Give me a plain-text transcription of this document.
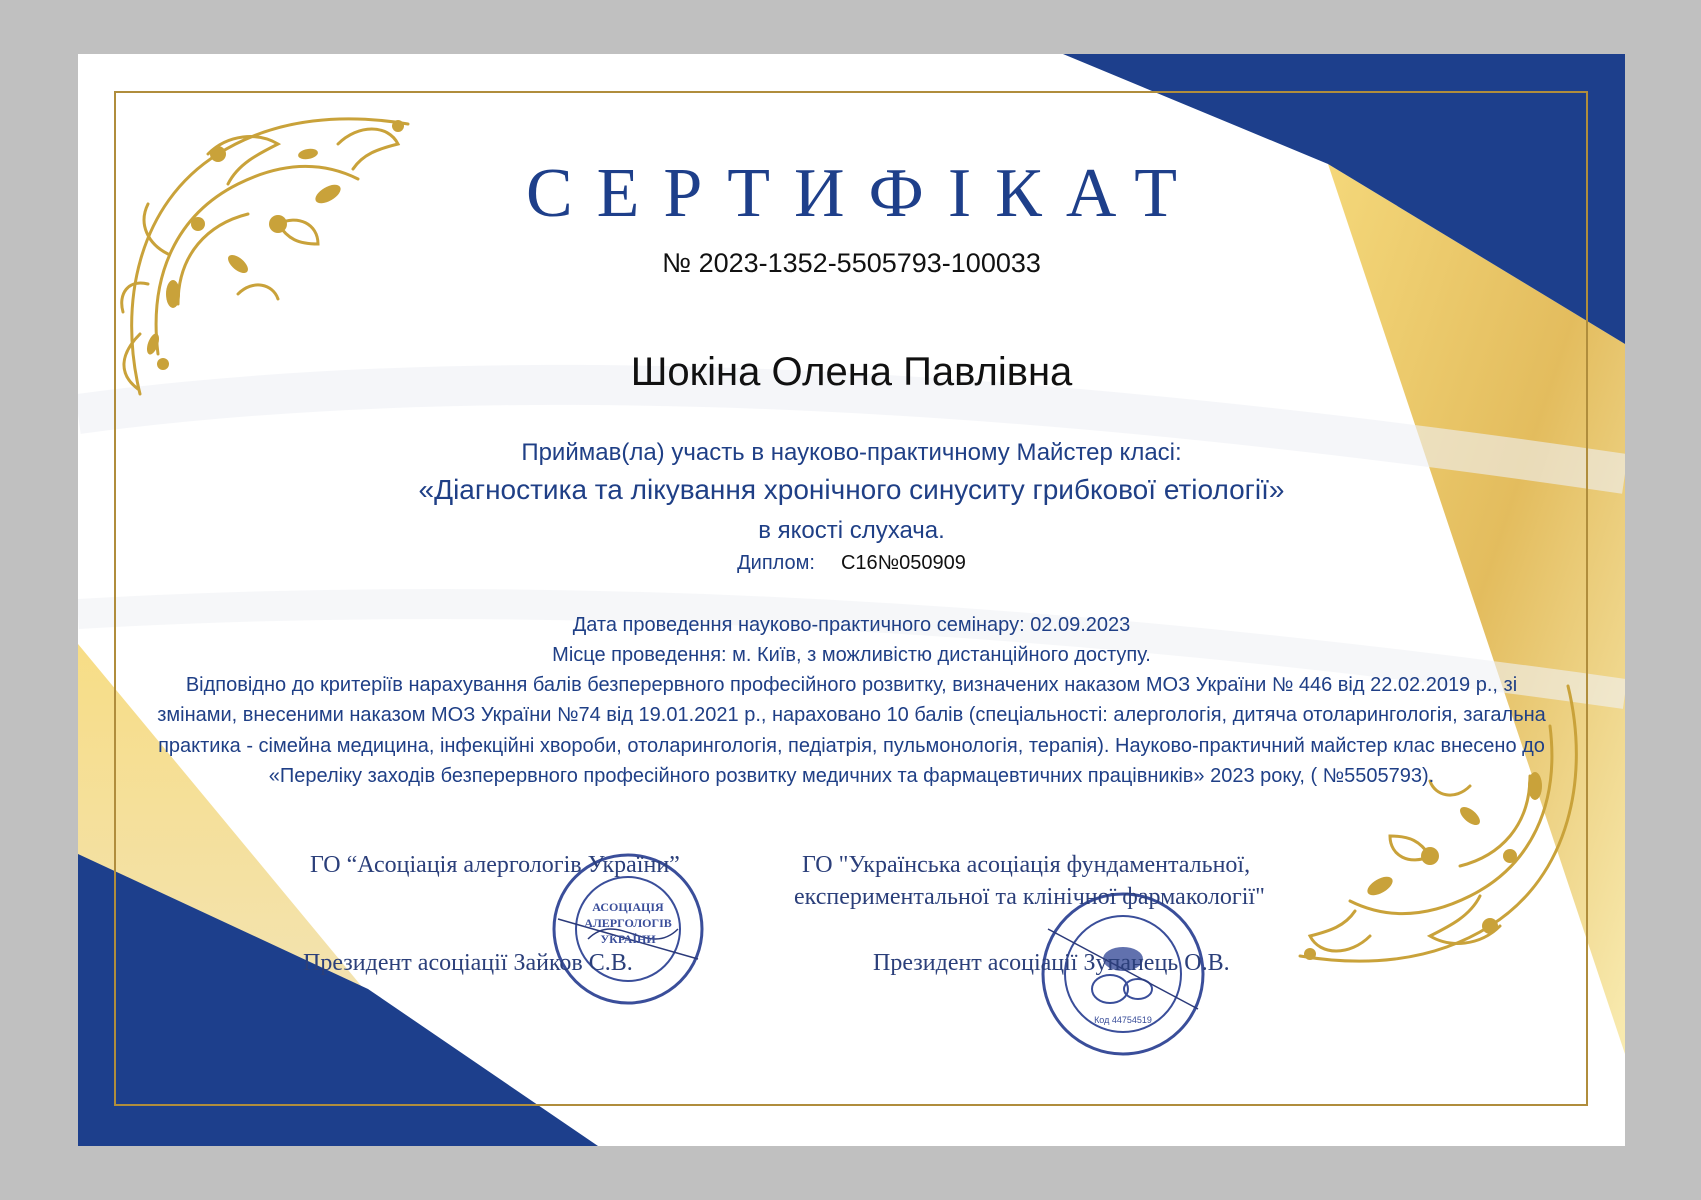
СЕРТИФІКАТ
№ 2023-1352-5505793-100033
Шокіна Олена Павлівна
Приймав(ла) участь в науково-практичному Майстер класі:
«Діагностика та лікування хронічного синуситу грибкової етіології»
в якості слухача.
Диплом: C16№050909
Дата проведення науково-практичного семінару: 02.09.2023
Місце проведення: м. Київ, з можливістю дистанційного доступу.
Відповідно до критеріїв нарахування балів безперервного професійного розвитку, визначених наказом МОЗ України № 446 від 22.02.2019 р., зі змінами, внесеними наказом МОЗ України №74 від 19.01.2021 р., нараховано 10 балів (спеціальності: алергологія, дитяча отоларингологія, загальна практика - сімейна медицина, інфекційні хвороби, отоларингологія, педіатрія, пульмонологія, терапія). Науково-практичний майстер клас внесено до «Переліку заходів безперервного професійного розвитку медичних та фармацевтичних працівників» 2023 року, ( №5505793).
АСОЦІАЦІЯ
АЛЕРГОЛОГІВ
УКРАЇНИ
Код 44754519
ГО “Асоціація алергологів України”
Президент асоціації Зайков С.В.
ГО "Українська асоціація фундаментальної,
експериментальної та клінічної фармакології"
Президент асоціації Зупанець О.В.
